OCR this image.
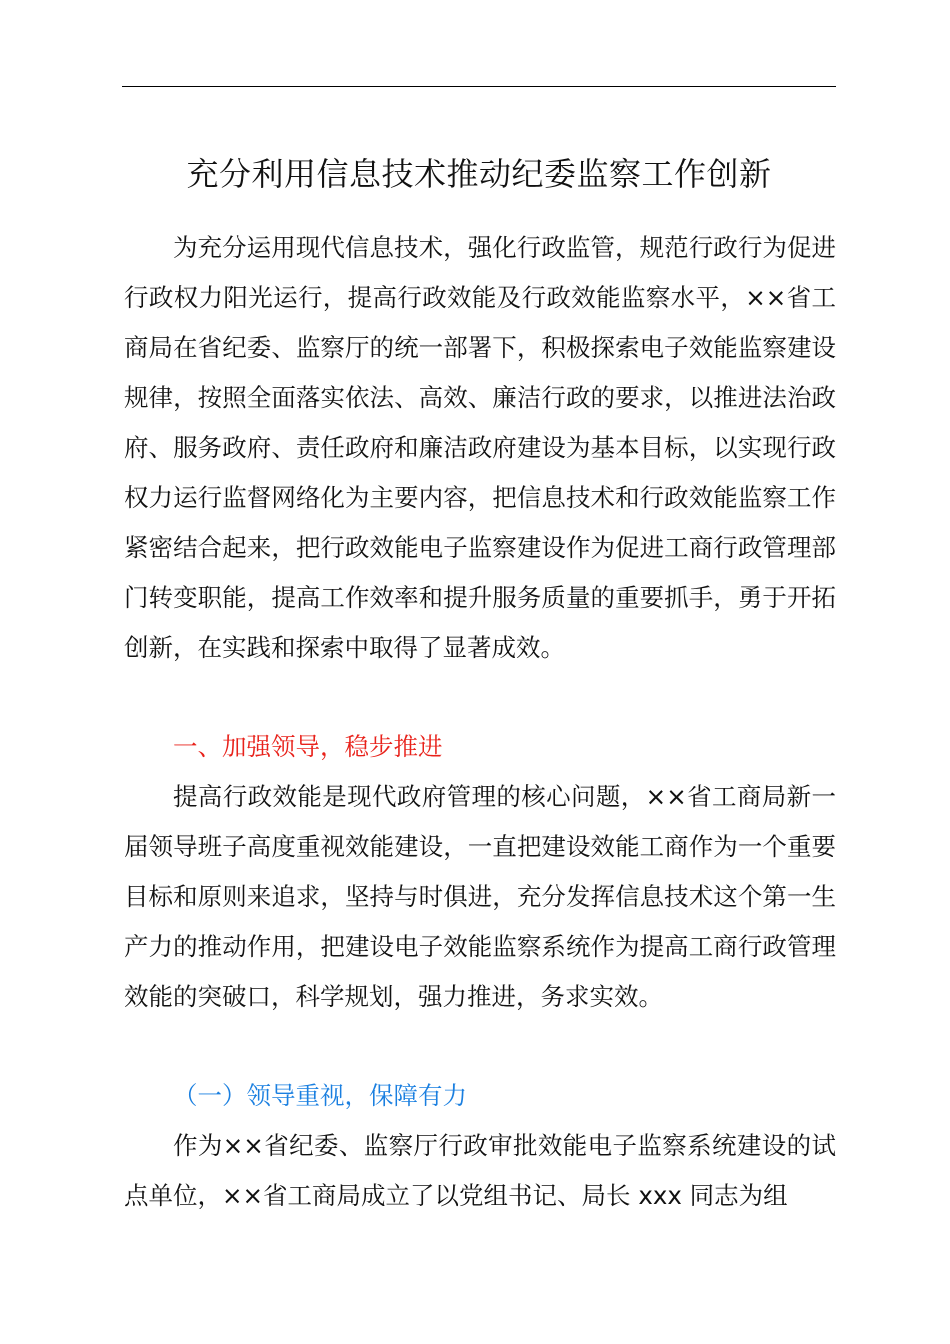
充分利用信息技术推动纪委监察工作创新

为充分运用现代信息技术，强化行政监管，规范行政行为促进行政权力阳光运行，提高行政效能及行政效能监察水平，××省工商局在省纪委、监察厅的统一部署下，积极探索电子效能监察建设规律，按照全面落实依法、高效、廉洁行政的要求，以推进法治政府、服务政府、责任政府和廉洁政府建设为基本目标，以实现行政权力运行监督网络化为主要内容，把信息技术和行政效能监察工作紧密结合起来，把行政效能电子监察建设作为促进工商行政管理部门转变职能，提高工作效率和提升服务质量的重要抓手，勇于开拓创新，在实践和探索中取得了显著成效。

一、加强领导，稳步推进

提高行政效能是现代政府管理的核心问题，××省工商局新一届领导班子高度重视效能建设，一直把建设效能工商作为一个重要目标和原则来追求，坚持与时俱进，充分发挥信息技术这个第一生产力的推动作用，把建设电子效能监察系统作为提高工商行政管理效能的突破口，科学规划，强力推进，务求实效。

（一）领导重视，保障有力

作为××省纪委、监察厅行政审批效能电子监察系统建设的试点单位，××省工商局成立了以党组书记、局长 xxx 同志为组
